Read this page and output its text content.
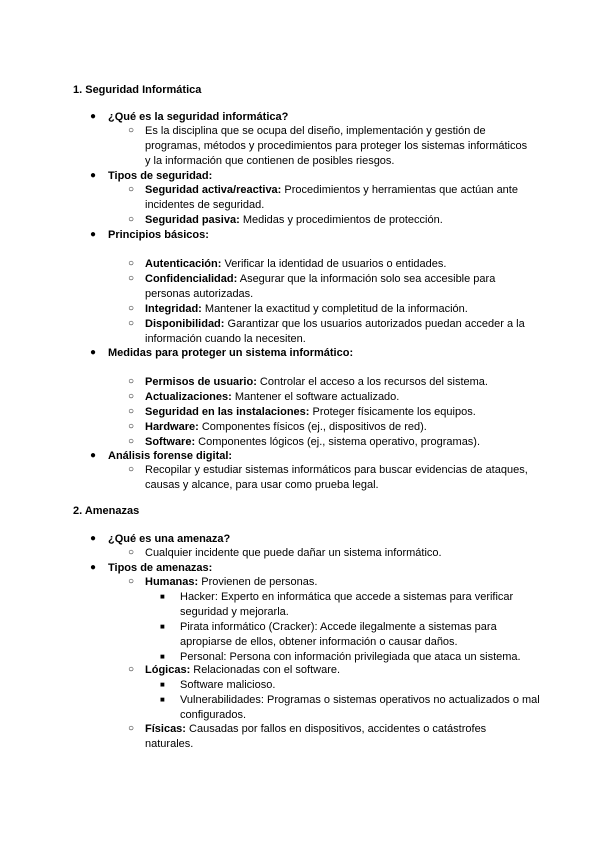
1. Seguridad Informática
● ¿Qué es la seguridad informática?
○ Es la disciplina que se ocupa del diseño, implementación y gestión de programas, métodos y procedimientos para proteger los sistemas informáticos y la información que contienen de posibles riesgos.
● Tipos de seguridad:
○ Seguridad activa/reactiva: Procedimientos y herramientas que actúan ante incidentes de seguridad.
○ Seguridad pasiva: Medidas y procedimientos de protección.
● Principios básicos:
○ Autenticación: Verificar la identidad de usuarios o entidades.
○ Confidencialidad: Asegurar que la información solo sea accesible para personas autorizadas.
○ Integridad: Mantener la exactitud y completitud de la información.
○ Disponibilidad: Garantizar que los usuarios autorizados puedan acceder a la información cuando la necesiten.
● Medidas para proteger un sistema informático:
○ Permisos de usuario: Controlar el acceso a los recursos del sistema.
○ Actualizaciones: Mantener el software actualizado.
○ Seguridad en las instalaciones: Proteger físicamente los equipos.
○ Hardware: Componentes físicos (ej., dispositivos de red).
○ Software: Componentes lógicos (ej., sistema operativo, programas).
● Análisis forense digital:
○ Recopilar y estudiar sistemas informáticos para buscar evidencias de ataques, causas y alcance, para usar como prueba legal.
2. Amenazas
● ¿Qué es una amenaza?
○ Cualquier incidente que puede dañar un sistema informático.
● Tipos de amenazas:
○ Humanas: Provienen de personas.
■ Hacker: Experto en informática que accede a sistemas para verificar seguridad y mejorarla.
■ Pirata informático (Cracker): Accede ilegalmente a sistemas para apropiarse de ellos, obtener información o causar daños.
■ Personal: Persona con información privilegiada que ataca un sistema.
○ Lógicas: Relacionadas con el software.
■ Software malicioso.
■ Vulnerabilidades: Programas o sistemas operativos no actualizados o mal configurados.
○ Físicas: Causadas por fallos en dispositivos, accidentes o catástrofes naturales.
